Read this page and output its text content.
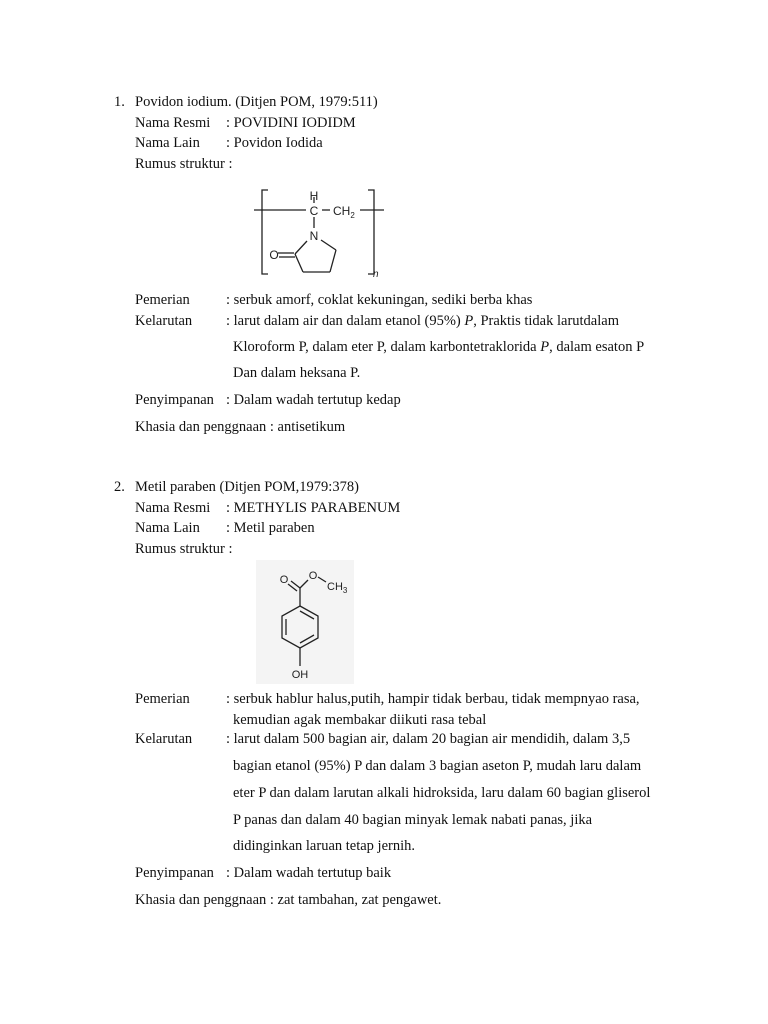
1. Povidon iodium. (Ditjen POM, 1979:511)
Nama Resmi : POVIDINI IODIDM
Nama Lain : Povidon Iodida
Rumus struktur :
H
C $CH_2$
N
O
n
Pemerian : serbuk amorf, coklat kekuningan, sediki berba khas
Kelarutan : larut dalam air dan dalam etanol (95%) P, Praktis tidak larutdalam
Kloroform P, dalam eter P, dalam karbontetraklorida P, dalam esaton P
Dan dalam heksana P.
Penyimpanan : Dalam wadah tertutup kedap
Khasia dan penggnaan : antisetikum
2. Metil paraben (Ditjen POM,1979:378)
Nama Resmi : METHYLIS PARABENUM
Nama Lain : Metil paraben
Rumus struktur :
O O
$CH_3$
OH
Pemerian : serbuk hablur halus,putih, hampir tidak berbau, tidak mempnyao rasa,
kemudian agak membakar diikuti rasa tebal
Kelarutan : larut dalam 500 bagian air, dalam 20 bagian air mendidih, dalam 3,5
bagian etanol (95%) P dan dalam 3 bagian aseton P, mudah laru dalam
eter P dan dalam larutan alkali hidroksida, laru dalam 60 bagian gliserol
P panas dan dalam 40 bagian minyak lemak nabati panas, jika
didinginkan laruan tetap jernih.
Penyimpanan : Dalam wadah tertutup baik
Khasia dan penggnaan : zat tambahan, zat pengawet.
